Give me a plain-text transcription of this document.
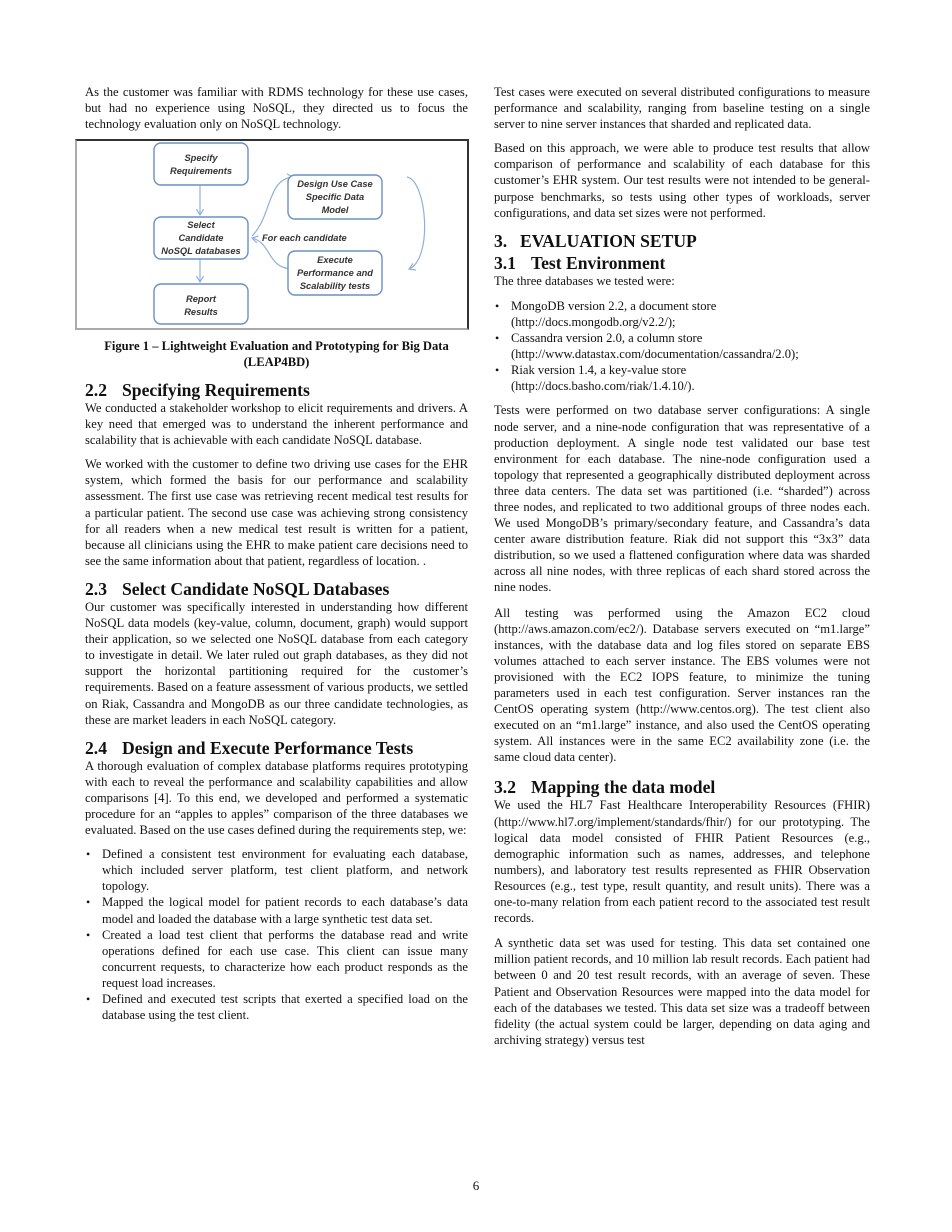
As the customer was familiar with RDMS technology for these use cases, but had no experience using NoSQL, they directed us to focus the technology evaluation only on NoSQL technology.

Specify
Requirements
Select
Candidate
NoSQL databases
Report
Results
Design Use Case
Specific Data
Model
Execute
Performance and
Scalability tests
For each candidate
Figure 1 – Lightweight Evaluation and Prototyping for Big Data (LEAP4BD)
2.2 Specifying Requirements

We conducted a stakeholder workshop to elicit requirements and drivers. A key need that emerged was to understand the inherent performance and scalability that is achievable with each candidate NoSQL database.

We worked with the customer to define two driving use cases for the EHR system, which formed the basis for our performance and scalability assessment. The first use case was retrieving recent medical test results for a particular patient. The second use case was achieving strong consistency for all readers when a new medical test result is written for a patient, because all clinicians using the EHR to make patient care decisions need to see the same information about that patient, regardless of location. .

2.3 Select Candidate NoSQL Databases

Our customer was specifically interested in understanding how different NoSQL data models (key-value, column, document, graph) would support their application, so we selected one NoSQL database from each category to investigate in detail. We later ruled out graph databases, as they did not support the horizontal partitioning required for the customer’s requirements. Based on a feature assessment of various products, we settled on Riak, Cassandra and MongoDB as our three candidate technologies, as these are market leaders in each NoSQL category.

2.4 Design and Execute Performance Tests

A thorough evaluation of complex database platforms requires prototyping with each to reveal the performance and scalability capabilities and allow comparisons [4]. To this end, we developed and performed a systematic procedure for an “apples to apples” comparison of the three databases we evaluated. Based on the use cases defined during the requirements step, we:

• Defined a consistent test environment for evaluating each database, which included server platform, test client platform, and network topology.
• Mapped the logical model for patient records to each database’s data model and loaded the database with a large synthetic test data set.
• Created a load test client that performs the database read and write operations defined for each use case. This client can issue many concurrent requests, to characterize how each product responds as the request load increases.
• Defined and executed test scripts that exerted a specified load on the database using the test client.

Test cases were executed on several distributed configurations to measure performance and scalability, ranging from baseline testing on a single server to nine server instances that sharded and replicated data.

Based on this approach, we were able to produce test results that allow comparison of performance and scalability of each database for this customer’s EHR system. Our test results were not intended to be general-purpose benchmarks, so tests using other types of workloads, server configurations, and data set sizes were not performed.

3. EVALUATION SETUP
3.1 Test Environment

The three databases we tested were:

• MongoDB version 2.2, a document store
(http://docs.mongodb.org/v2.2/);
• Cassandra version 2.0, a column store
(http://www.datastax.com/documentation/cassandra/2.0);
• Riak version 1.4, a key-value store
(http://docs.basho.com/riak/1.4.10/).

Tests were performed on two database server configurations: A single node server, and a nine-node configuration that was representative of a production deployment. A single node test validated our base test environment for each database. The nine-node configuration used a topology that represented a geographically distributed deployment across three data centers. The data set was partitioned (i.e. “sharded”) across three nodes, and replicated to two additional groups of three nodes each. We used MongoDB’s primary/secondary feature, and Cassandra’s data center aware distribution feature. Riak did not support this “3x3” data distribution, so we used a flattened configuration where data was sharded across all nine nodes, with three replicas of each shard stored across the nine nodes.

All testing was performed using the Amazon EC2 cloud (http://aws.amazon.com/ec2/). Database servers executed on “m1.large” instances, with the database data and log files stored on separate EBS volumes attached to each server instance. The EBS volumes were not provisioned with the EC2 IOPS feature, to minimize the tuning parameters used in each test configuration. Server instances ran the CentOS operating system (http://www.centos.org). The test client also executed on an “m1.large” instance, and also used the CentOS operating system. All instances were in the same EC2 availability zone (i.e. the same cloud data center).

3.2 Mapping the data model

We used the HL7 Fast Healthcare Interoperability Resources (FHIR) (http://www.hl7.org/implement/standards/fhir/) for our prototyping. The logical data model consisted of FHIR Patient Resources (e.g., demographic information such as names, addresses, and telephone numbers), and laboratory test results represented as FHIR Observation Resources (e.g., test type, result quantity, and result units). There was a one-to-many relation from each patient record to the associated test result records.

A synthetic data set was used for testing. This data set contained one million patient records, and 10 million lab result records. Each patient had between 0 and 20 test result records, with an average of seven. These Patient and Observation Resources were mapped into the data model for each of the databases we tested. This data set size was a tradeoff between fidelity (the actual system could be larger, depending on data aging and archiving strategy) versus test

6
